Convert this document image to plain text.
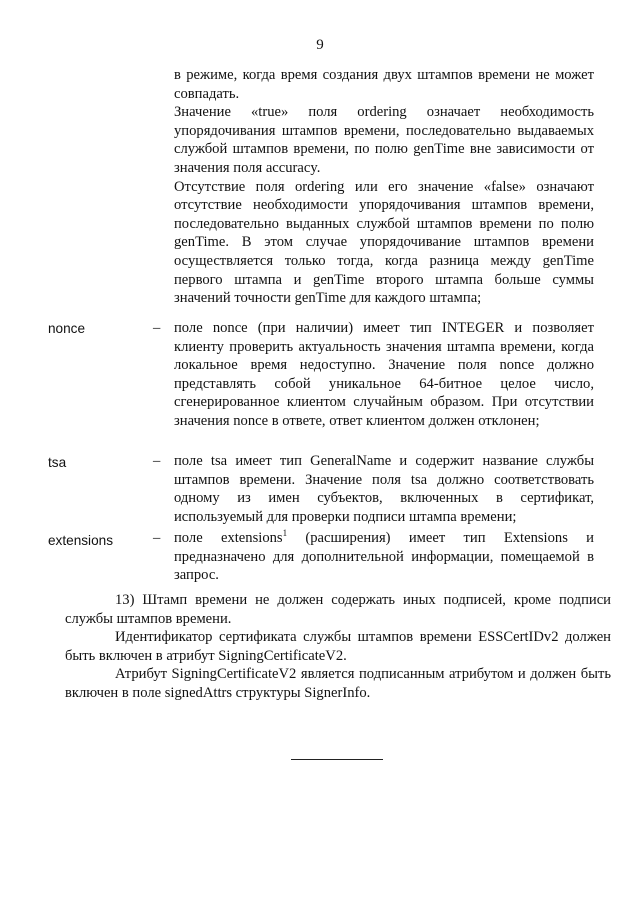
9

в режиме, когда время создания двух штампов времени не может совпадать.

Значение «true» поля ordering означает необходимость упорядочивания штампов времени, последовательно выдаваемых службой штампов времени, по полю genTime вне зависимости от значения поля accuracy.

Отсутствие поля ordering или его значение «false» означают отсутствие необходимости упорядочивания штампов времени, последовательно выданных службой штампов времени по полю genTime. В этом случае упорядочивание штампов времени осуществляется только тогда, когда разница между genTime первого штампа и genTime второго штампа больше суммы значений точности genTime для каждого штампа;

nonce	– поле nonce (при наличии) имеет тип INTEGER и позволяет клиенту проверить актуальность значения штампа времени, когда локальное время недоступно. Значение поля nonce должно представлять собой уникальное 64-битное целое число, сгенерированное клиентом случайным образом. При отсутствии значения nonce в ответе, ответ клиентом должен отклонен;

tsa	– поле tsa имеет тип GeneralName и содержит название службы штампов времени. Значение поля tsa должно соответствовать одному из имен субъектов, включенных в сертификат, используемый для проверки подписи штампа времени;

extensions	– поле extensions$^1$ (расширения) имеет тип Extensions и предназначено для дополнительной информации, помещаемой в запрос.

13) Штамп времени не должен содержать иных подписей, кроме подписи службы штампов времени.

Идентификатор сертификата службы штампов времени ESSCertIDv2 должен быть включен в атрибут SigningCertificateV2.

Атрибут SigningCertificateV2 является подписанным атрибутом и должен быть включен в поле signedAttrs структуры SignerInfo.
